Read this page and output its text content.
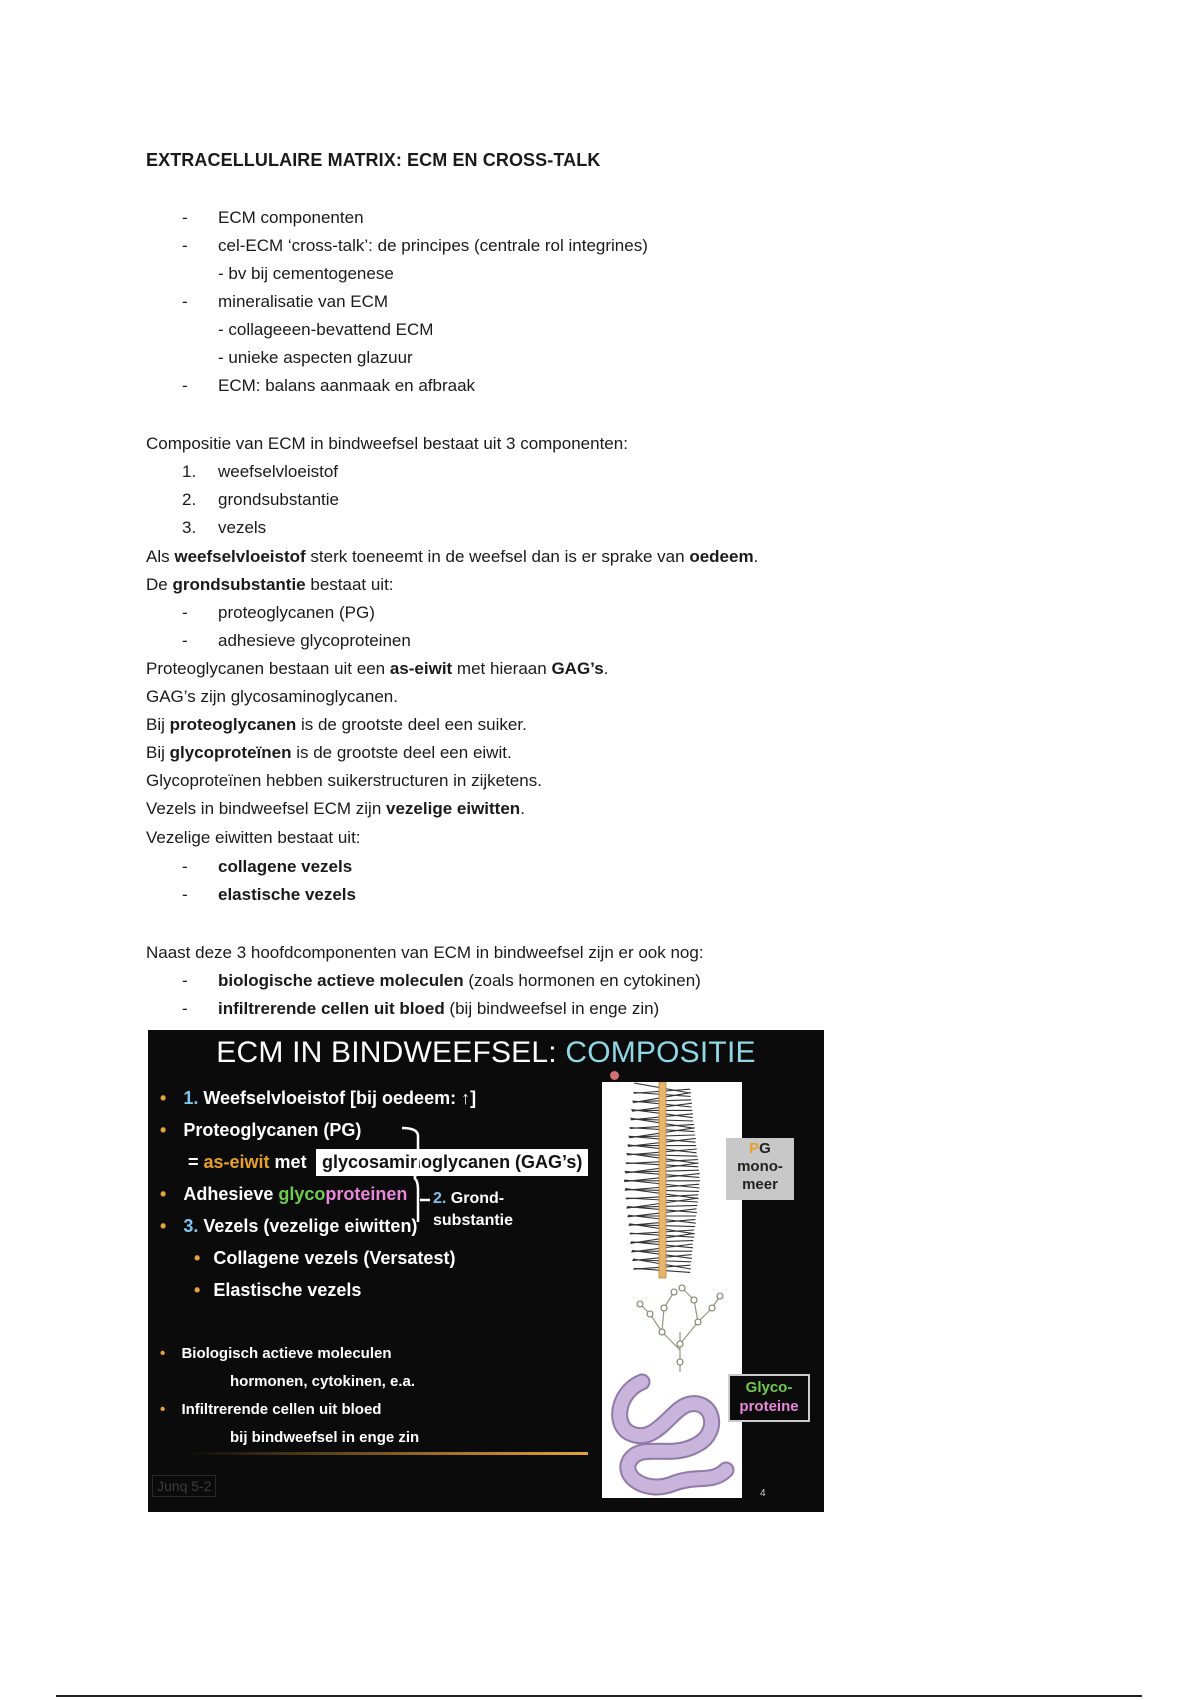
EXTRACELLULAIRE MATRIX: ECM EN CROSS-TALK
- ECM componenten
- cel-ECM ‘cross-talk’: de principes (centrale rol integrines)
- bv bij cementogenese
- mineralisatie van ECM
- collageeen-bevattend ECM
- unieke aspecten glazuur
- ECM: balans aanmaak en afbraak
Compositie van ECM in bindweefsel bestaat uit 3 componenten:
1. weefselvloeistof
2. grondsubstantie
3. vezels
Als weefselvloeistof sterk toeneemt in de weefsel dan is er sprake van oedeem.
De grondsubstantie bestaat uit:
- proteoglycanen (PG)
- adhesieve glycoproteinen
Proteoglycanen bestaan uit een as-eiwit met hieraan GAG’s.
GAG’s zijn glycosaminoglycanen.
Bij proteoglycanen is de grootste deel een suiker.
Bij glycoproteïnen is de grootste deel een eiwit.
Glycoproteïnen hebben suikerstructuren in zijketens.
Vezels in bindweefsel ECM zijn vezelige eiwitten.
Vezelige eiwitten bestaat uit:
- collagene vezels
- elastische vezels
Naast deze 3 hoofdcomponenten van ECM in bindweefsel zijn er ook nog:
- biologische actieve moleculen (zoals hormonen en cytokinen)
- infiltrerende cellen uit bloed (bij bindweefsel in enge zin)
ECM IN BINDWEEFSEL: COMPOSITIE
• 1. Weefselvloeistof [bij oedeem: ↑]
• Proteoglycanen (PG)
= as-eiwit met glycosaminoglycanen (GAG’s)
• Adhesieve glycoproteinen 2. Grond-
substantie
• 3. Vezels (vezelige eiwitten)
• Collagene vezels (Versatest)
• Elastische vezels
• Biologisch actieve moleculen
hormonen, cytokinen, e.a.
• Infiltrerende cellen uit bloed
bij bindweefsel in enge zin
Junq 5-2
PG
mono-
meer
Glyco-
proteine
4
